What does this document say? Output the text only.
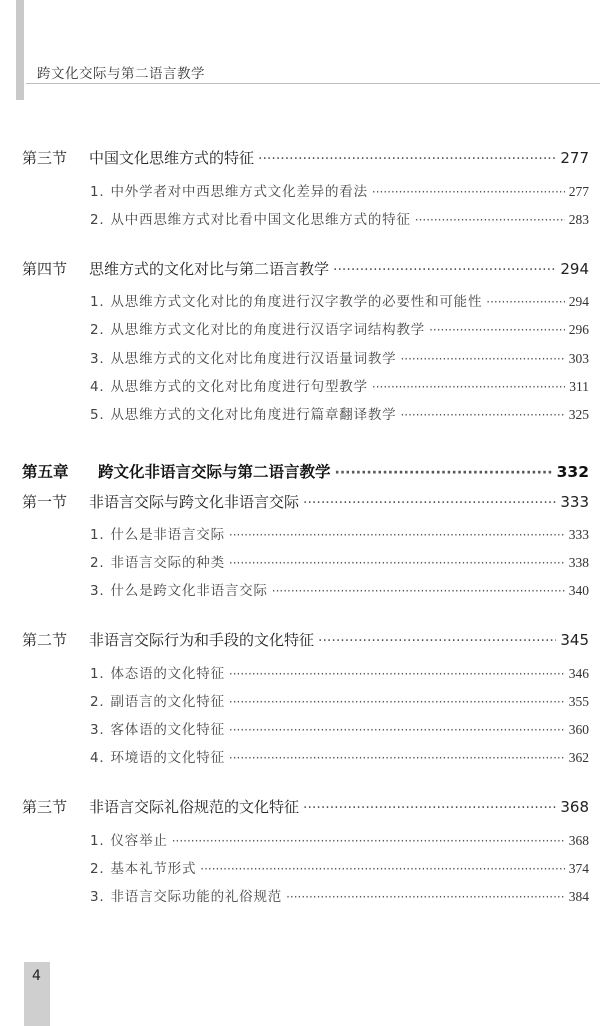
跨文化交际与第二语言教学
第三节 中国文化思维方式的特征 ·····	277
1. 中外学者对中西思维方式文化差异的看法 ·····	277
2. 从中西思维方式对比看中国文化思维方式的特征 ·····	283
第四节 思维方式的文化对比与第二语言教学 ·····	294
1. 从思维方式文化对比的角度进行汉字教学的必要性和可能性 ·····	294
2. 从思维方式文化对比的角度进行汉语字词结构教学 ·····	296
3. 从思维方式的文化对比角度进行汉语量词教学 ·····	303
4. 从思维方式的文化对比角度进行句型教学 ·····	311
5. 从思维方式的文化对比角度进行篇章翻译教学 ·····	325
第五章 跨文化非语言交际与第二语言教学 ·····	332
第一节 非语言交际与跨文化非语言交际 ·····	333
1. 什么是非语言交际 ·····	333
2. 非语言交际的种类 ·····	338
3. 什么是跨文化非语言交际 ·····	340
第二节 非语言交际行为和手段的文化特征 ·····	345
1. 体态语的文化特征 ·····	346
2. 副语言的文化特征 ·····	355
3. 客体语的文化特征 ·····	360
4. 环境语的文化特征 ·····	362
第三节 非语言交际礼俗规范的文化特征 ·····	368
1. 仪容举止 ·····	368
2. 基本礼节形式 ·····	374
3. 非语言交际功能的礼俗规范 ·····	384
4
